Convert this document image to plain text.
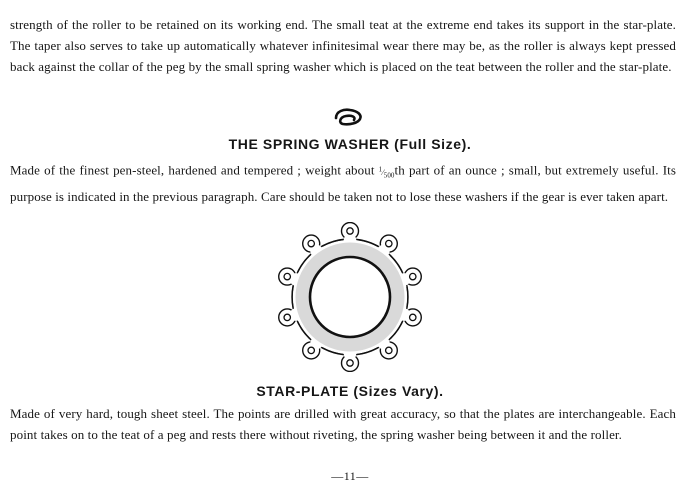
strength of the roller to be retained on its working end. The small teat at the extreme end takes its support in the star-plate. The taper also serves to take up automatically whatever infinitesimal wear there may be, as the roller is always kept pressed back against the collar of the peg by the small spring washer which is placed on the teat between the roller and the star-plate.
THE SPRING WASHER (Full Size).
Made of the finest pen-steel, hardened and tempered ; weight about $^1⁄_{500}th$ part of an ounce ; small, but extremely useful. Its purpose is indicated in the previous paragraph. Care should be taken not to lose these washers if the gear is ever taken apart.
STAR-PLATE (Sizes Vary).
Made of very hard, tough sheet steel. The points are drilled with great accuracy, so that the plates are interchangeable. Each point takes on to the teat of a peg and rests there without riveting, the spring washer being between it and the roller.
—11—
